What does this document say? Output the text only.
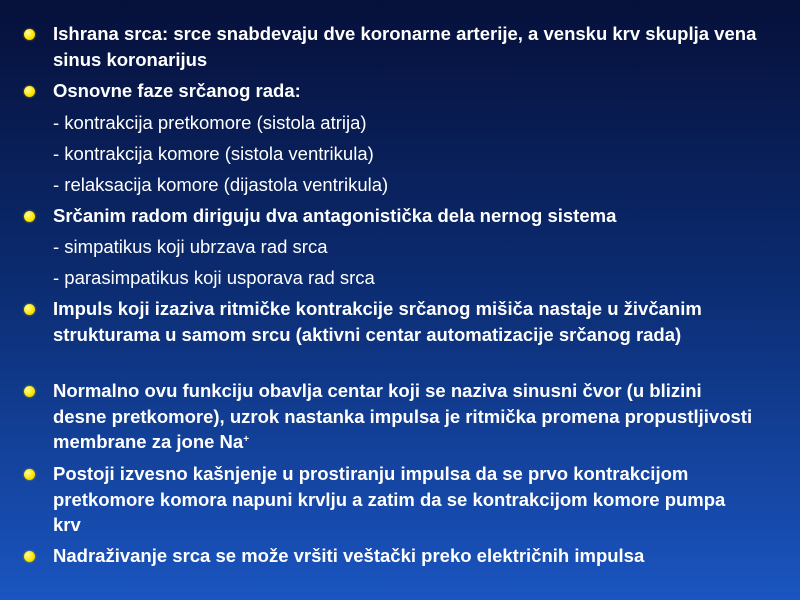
Ishrana srca: srce snabdevaju dve koronarne arterije, a vensku krv skuplja vena sinus koronarijus
Osnovne faze srčanog rada:
- kontrakcija pretkomore (sistola atrija)
- kontrakcija komore (sistola ventrikula)
- relaksacija komore (dijastola ventrikula)
Srčanim radom diriguju dva antagonistička dela nernog sistema
- simpatikus koji ubrzava rad srca
- parasimpatikus koji usporava rad srca
Impuls koji izaziva ritmičke kontrakcije srčanog mišiča nastaje u živčanim strukturama u samom srcu (aktivni centar automatizacije srčanog rada)
Normalno ovu funkciju obavlja centar koji se naziva sinusni čvor (u blizini desne pretkomore), uzrok nastanka impulsa je ritmička promena propustljivosti membrane za jone Na+
Postoji izvesno kašnjenje u prostiranju impulsa da se prvo kontrakcijom pretkomore komora napuni krvlju a zatim da se kontrakcijom komore pumpa krv
Nadraživanje srca se može vršiti veštački preko električnih impulsa
